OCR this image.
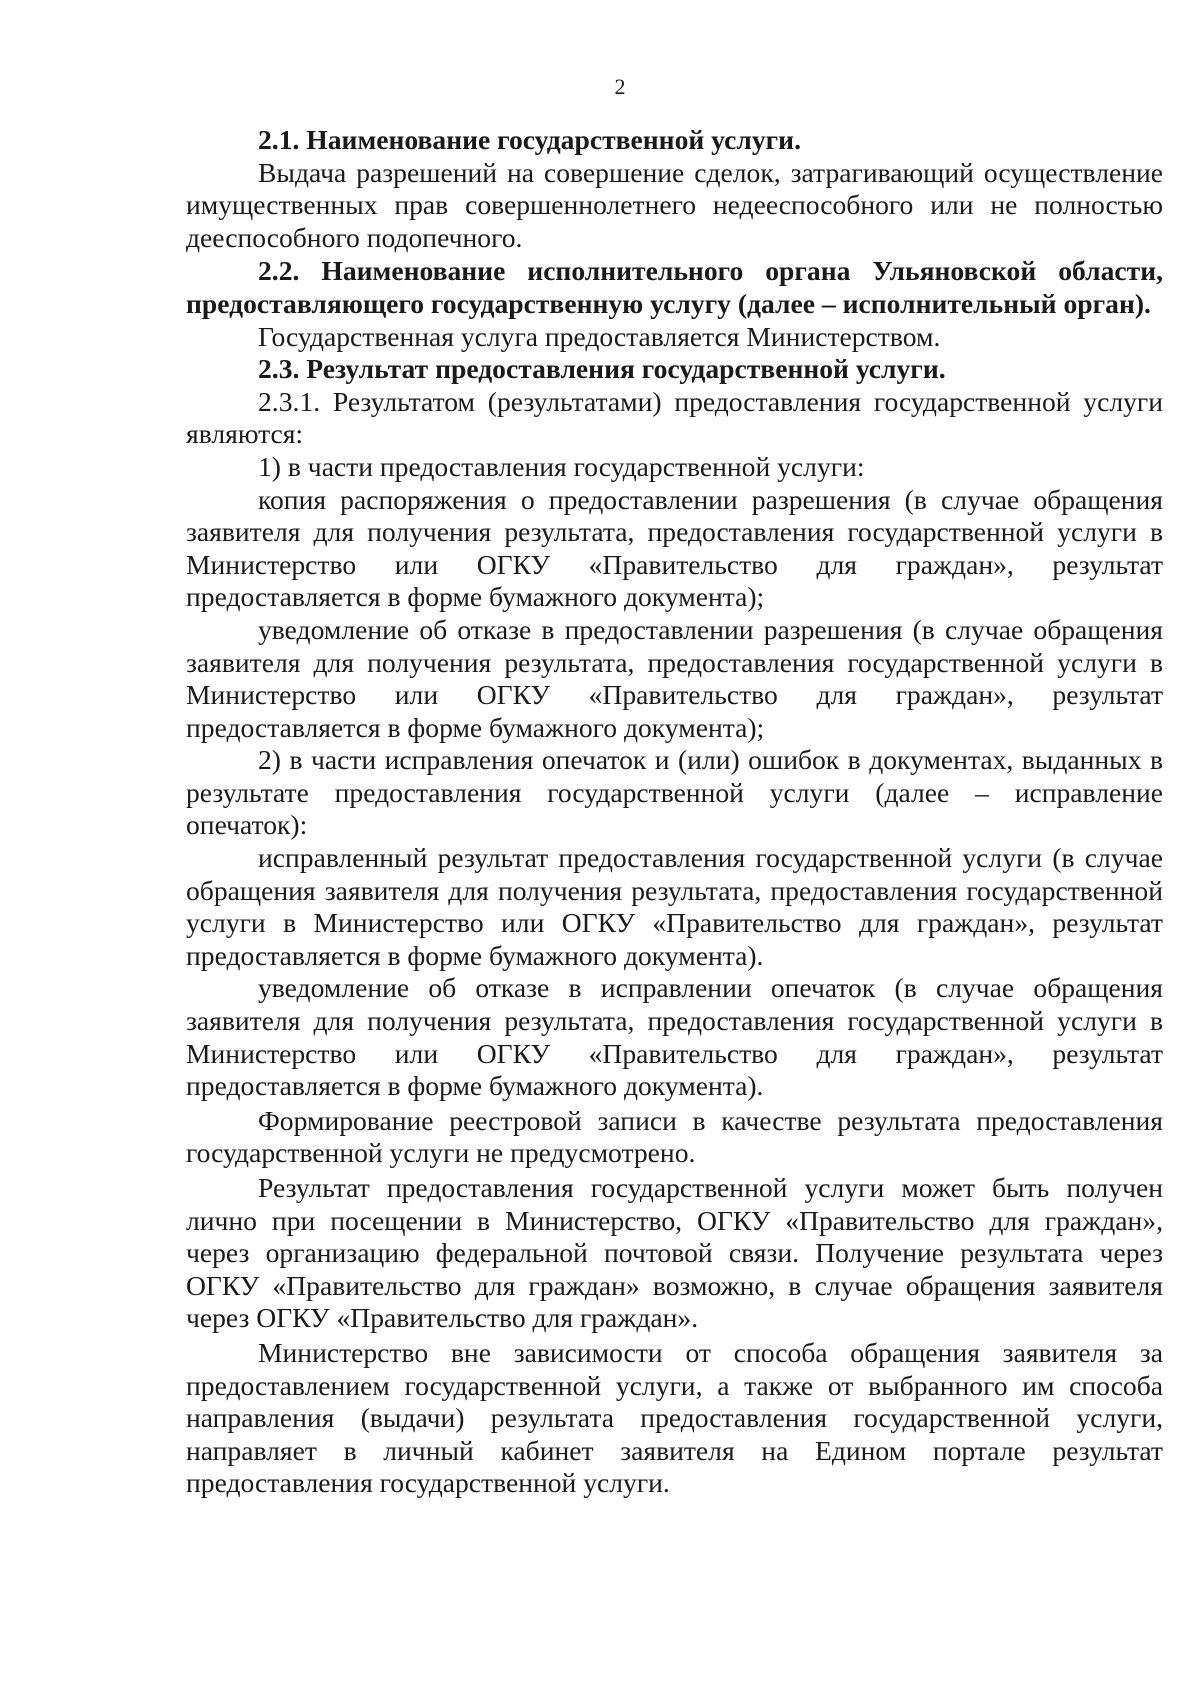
2

2.1. Наименование государственной услуги.

Выдача разрешений на совершение сделок, затрагивающий осуществление имущественных прав совершеннолетнего недееспособного или не полностью дееспособного подопечного.

2.2. Наименование исполнительного органа Ульяновской области, предоставляющего государственную услугу (далее – исполнительный орган).

Государственная услуга предоставляется Министерством.

2.3. Результат предоставления государственной услуги.

2.3.1. Результатом (результатами) предоставления государственной услуги являются:

1) в части предоставления государственной услуги:

копия распоряжения о предоставлении разрешения (в случае обращения заявителя для получения результата, предоставления государственной услуги в Министерство или ОГКУ «Правительство для граждан», результат предоставляется в форме бумажного документа);

уведомление об отказе в предоставлении разрешения (в случае обращения заявителя для получения результата, предоставления государственной услуги в Министерство или ОГКУ «Правительство для граждан», результат предоставляется в форме бумажного документа);

2) в части исправления опечаток и (или) ошибок в документах, выданных в результате предоставления государственной услуги (далее – исправление опечаток):

исправленный результат предоставления государственной услуги (в случае обращения заявителя для получения результата, предоставления государственной услуги в Министерство или ОГКУ «Правительство для граждан», результат предоставляется в форме бумажного документа).

уведомление об отказе в исправлении опечаток (в случае обращения заявителя для получения результата, предоставления государственной услуги в Министерство или ОГКУ «Правительство для граждан», результат предоставляется в форме бумажного документа).

Формирование реестровой записи в качестве результата предоставления государственной услуги не предусмотрено.

Результат предоставления государственной услуги может быть получен лично при посещении в Министерство, ОГКУ «Правительство для граждан», через организацию федеральной почтовой связи. Получение результата через ОГКУ «Правительство для граждан» возможно, в случае обращения заявителя через ОГКУ «Правительство для граждан».

Министерство вне зависимости от способа обращения заявителя за предоставлением государственной услуги, а также от выбранного им способа направления (выдачи) результата предоставления государственной услуги, направляет в личный кабинет заявителя на Едином портале результат предоставления государственной услуги.
